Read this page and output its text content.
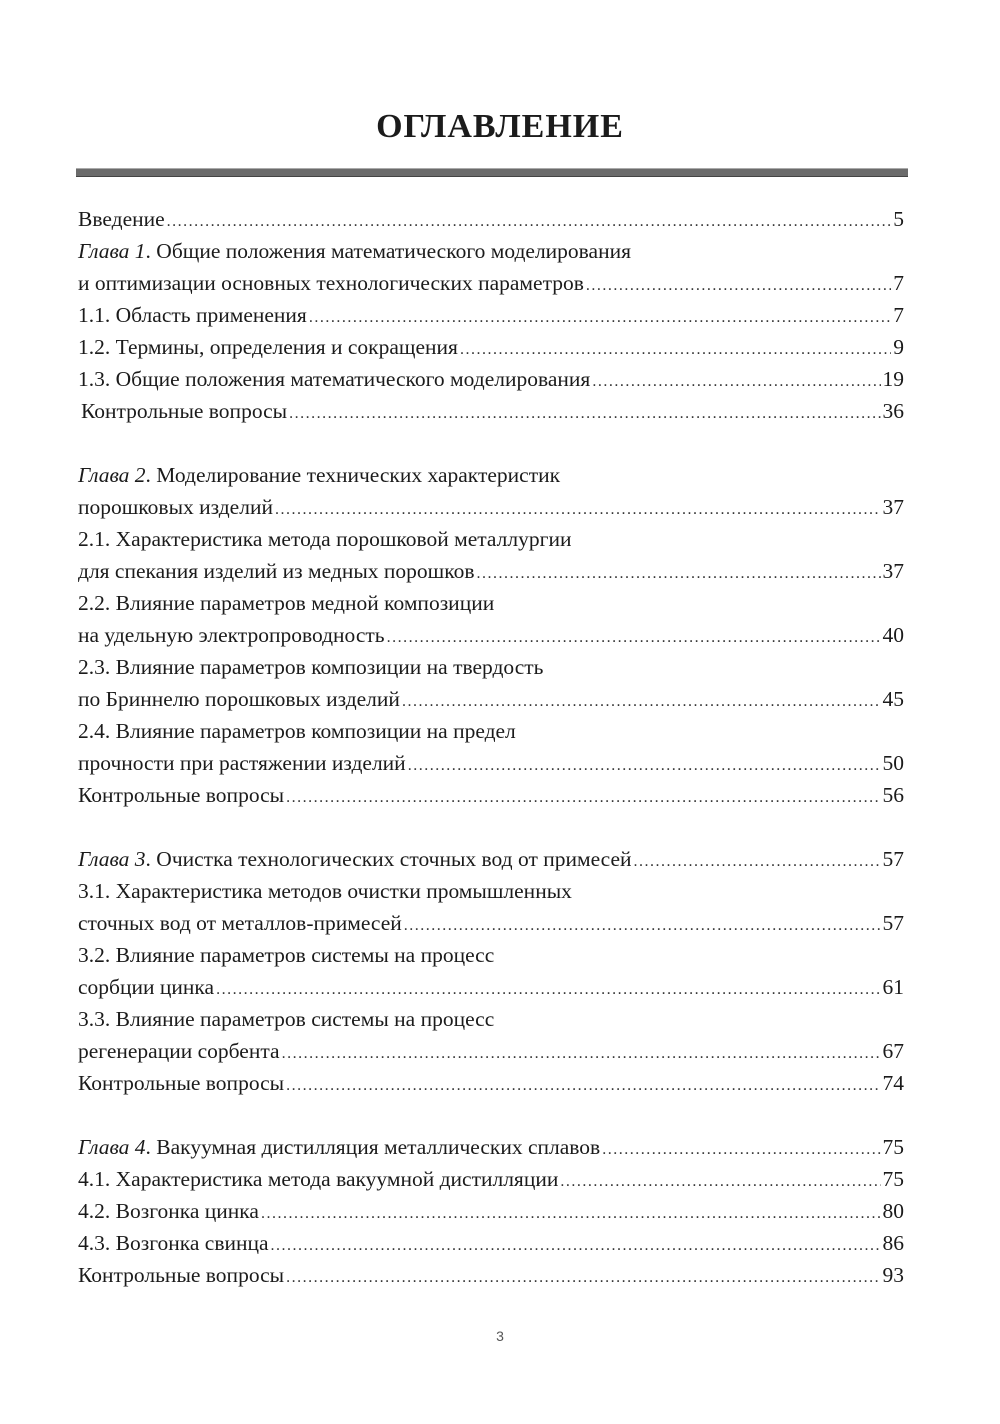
ОГЛАВЛЕНИЕ
Введение .....	5
Глава 1. Общие положения математического моделирования
и оптимизации основных технологических параметров .....	7
1.1. Область применения .....	7
1.2. Термины, определения и сокращения .....	9
1.3. Общие положения математического моделирования .....	19
Контрольные вопросы .....	36
Глава 2. Моделирование технических характеристик
порошковых изделий .....	37
2.1. Характеристика метода порошковой металлургии
для спекания изделий из медных порошков .....	37
2.2. Влияние параметров медной композиции
на удельную электропроводность .....	40
2.3. Влияние параметров композиции на твердость
по Бриннелю порошковых изделий .....	45
2.4. Влияние параметров композиции на предел
прочности при растяжении изделий .....	50
Контрольные вопросы .....	56
Глава 3. Очистка технологических сточных вод от примесей .....	57
3.1. Характеристика методов очистки промышленных
сточных вод от металлов-примесей .....	57
3.2. Влияние параметров системы на процесс
сорбции цинка .....	61
3.3. Влияние параметров системы на процесс
регенерации сорбента .....	67
Контрольные вопросы .....	74
Глава 4. Вакуумная дистилляция металлических сплавов .....	75
4.1. Характеристика метода вакуумной дистилляции .....	75
4.2. Возгонка цинка .....	80
4.3. Возгонка свинца .....	86
Контрольные вопросы .....	93
3
